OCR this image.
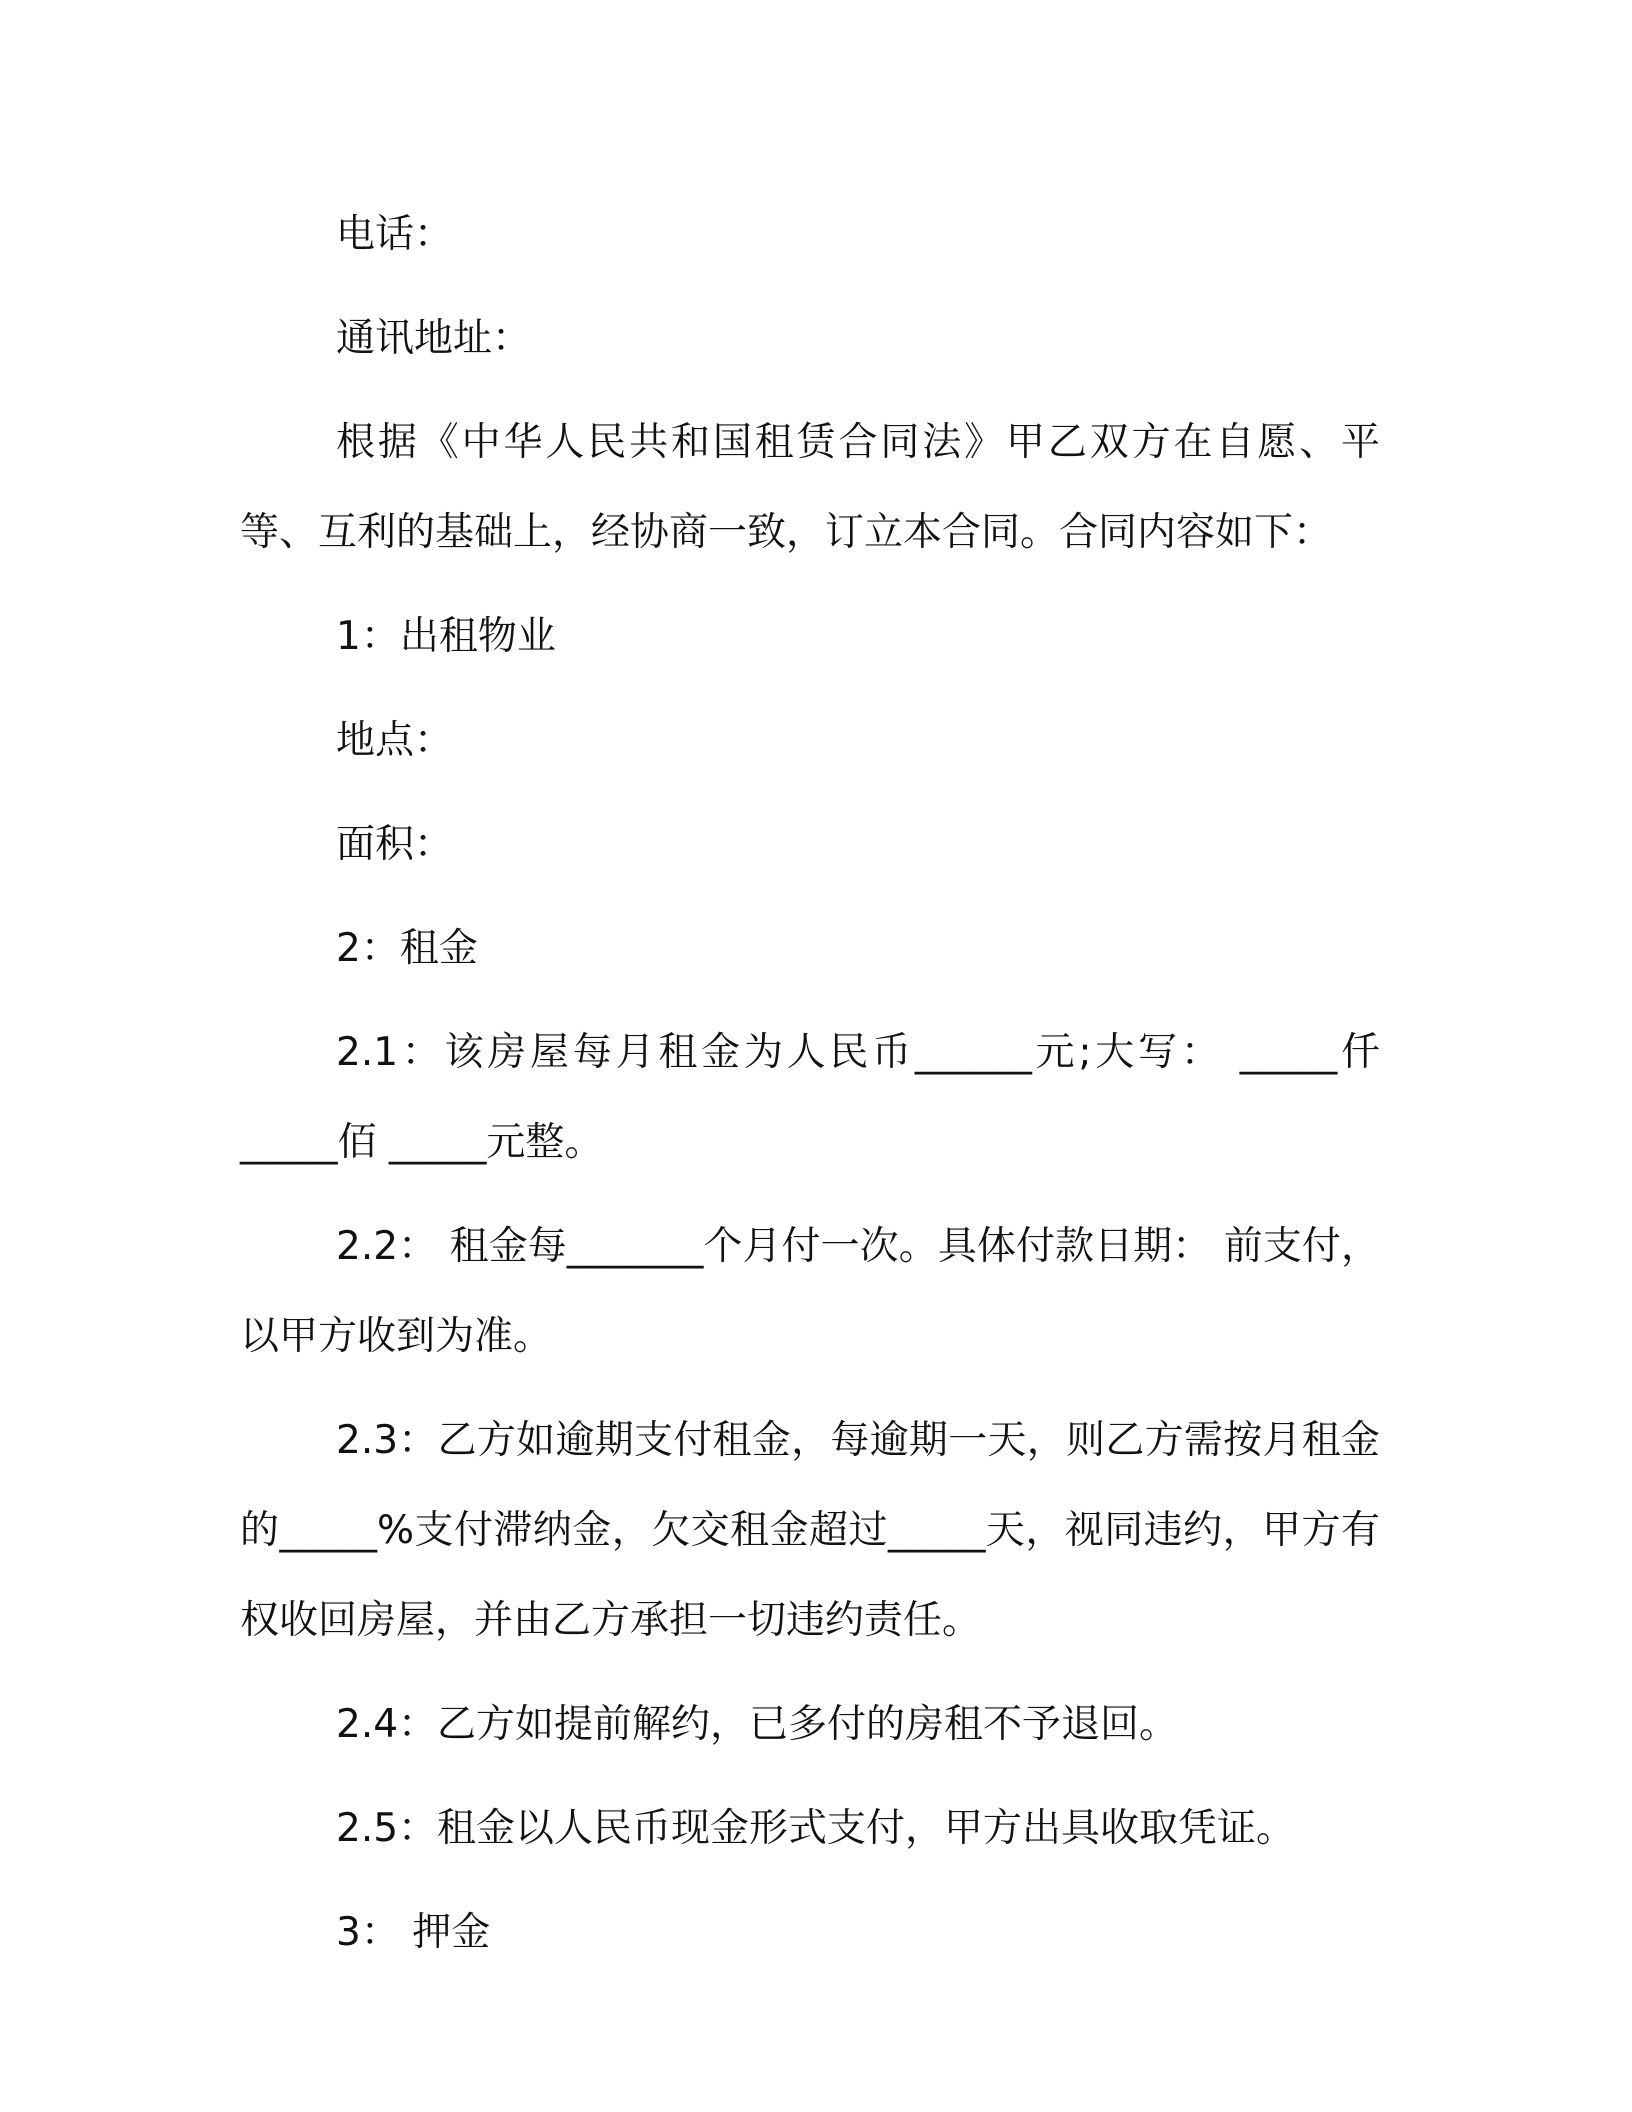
电话：

通讯地址：

根据《中华人民共和国租赁合同法》甲乙双方在自愿、平等、互利的基础上，经协商一致，订立本合同。合同内容如下：

1：出租物业

地点：

面积：

2：租金

2.1：该房屋每月租金为人民币______元;大写： _____仟 _____佰 _____元整。

2.2： 租金每_______个月付一次。具体付款日期： 前支付，以甲方收到为准。

2.3：乙方如逾期支付租金，每逾期一天，则乙方需按月租金的_____%支付滞纳金，欠交租金超过_____天，视同违约，甲方有权收回房屋，并由乙方承担一切违约责任。

2.4：乙方如提前解约，已多付的房租不予退回。

2.5：租金以人民币现金形式支付，甲方出具收取凭证。

3： 押金
